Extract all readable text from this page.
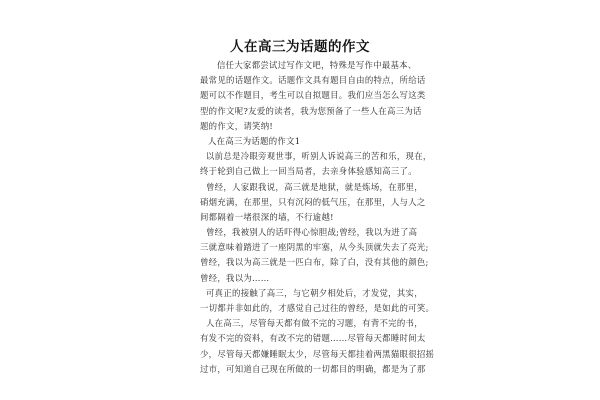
人在高三为话题的作文
信任大家都尝试过写作文吧，特殊是写作中最基本、
最常见的话题作文。话题作文具有题目自由的特点，所给话
题可以不作题目，考生可以自拟题目。我们应当怎么写这类
型的作文呢?友爱的读者，我为您预备了一些人在高三为话
题的作文，请笑纳!
人在高三为话题的作文1
以前总是冷眼旁观世事，听别人诉说高三的苦和乐，现在，
终于轮到自己做上一回当局者，去亲身体验感知高三了。
曾经，人家跟我说，高三就是地狱，就是炼场，在那里，
硝烟充满，在那里，只有沉闷的低气压，在那里，人与人之
间都隔着一堵很深的墙，不行逾越!
曾经，我被别人的话吓得心惊胆战;曾经，我以为进了高
三就意味着踏进了一座阴黑的牢塞，从今头顶就失去了亮光;
曾经，我以为高三就是一匹白布，除了白，没有其他的颜色;
曾经，我以为……
可真正的接触了高三，与它朝夕相处后，才发觉，其实，
一切都并非如此的，才感觉自己过往的曾经，是如此的可笑。
人在高三，尽管每天都有做不完的习题，有背不完的书，
有发不完的资料，有改不完的错题……尽管每天都睡时间太
少，尽管每天都嫌睡眠太少，尽管每天都挂着两黑猫眼很招摇
过市，可知道自己现在所做的一切都目的明确，都是为了那
